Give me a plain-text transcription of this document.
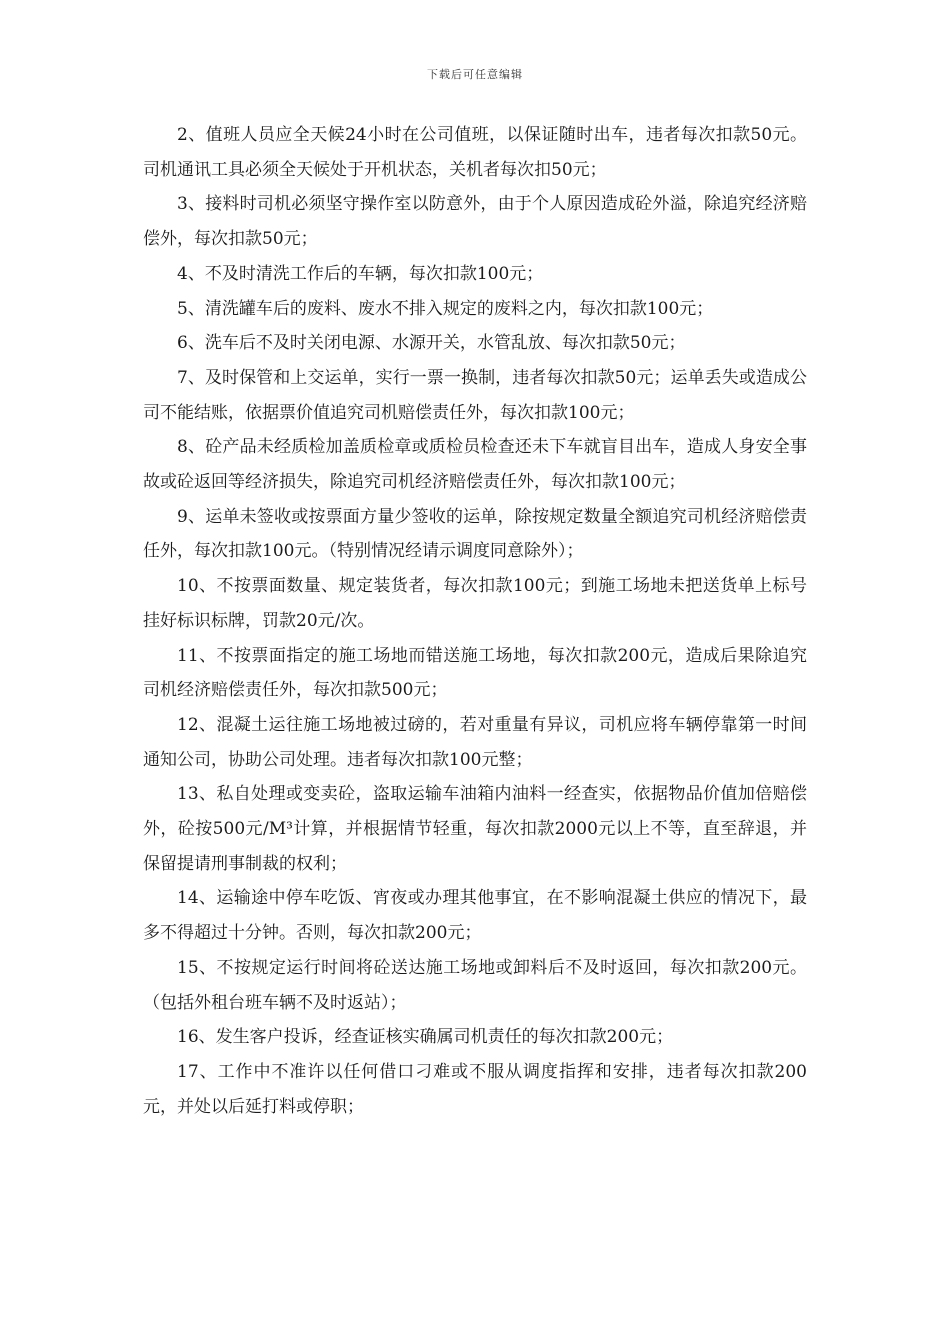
下载后可任意编辑

2、值班人员应全天候24小时在公司值班，以保证随时出车，违者每次扣款50元。司机通讯工具必须全天候处于开机状态，关机者每次扣50元；

3、接料时司机必须坚守操作室以防意外，由于个人原因造成砼外溢，除追究经济赔偿外，每次扣款50元；

4、不及时清洗工作后的车辆，每次扣款100元；

5、清洗罐车后的废料、废水不排入规定的废料之内，每次扣款100元；

6、洗车后不及时关闭电源、水源开关，水管乱放、每次扣款50元；

7、及时保管和上交运单，实行一票一换制，违者每次扣款50元；运单丢失或造成公司不能结账，依据票价值追究司机赔偿责任外，每次扣款100元；

8、砼产品未经质检加盖质检章或质检员检查还未下车就盲目出车，造成人身安全事故或砼返回等经济损失，除追究司机经济赔偿责任外，每次扣款100元；

9、运单未签收或按票面方量少签收的运单，除按规定数量全额追究司机经济赔偿责任外，每次扣款100元。（特别情况经请示调度同意除外）；

10、不按票面数量、规定装货者，每次扣款100元；到施工场地未把送货单上标号挂好标识标牌，罚款20元/次。

11、不按票面指定的施工场地而错送施工场地，每次扣款200元，造成后果除追究司机经济赔偿责任外，每次扣款500元；

12、混凝土运往施工场地被过磅的，若对重量有异议，司机应将车辆停靠第一时间通知公司，协助公司处理。违者每次扣款100元整；

13、私自处理或变卖砼，盗取运输车油箱内油料一经查实，依据物品价值加倍赔偿外，砼按500元/M³计算，并根据情节轻重，每次扣款2000元以上不等，直至辞退，并保留提请刑事制裁的权利；

14、运输途中停车吃饭、宵夜或办理其他事宜，在不影响混凝土供应的情况下，最多不得超过十分钟。否则，每次扣款200元；

15、不按规定运行时间将砼送达施工场地或卸料后不及时返回，每次扣款200元。（包括外租台班车辆不及时返站）；

16、发生客户投诉，经查证核实确属司机责任的每次扣款200元；

17、工作中不准许以任何借口刁难或不服从调度指挥和安排，违者每次扣款200元，并处以后延打料或停职；
